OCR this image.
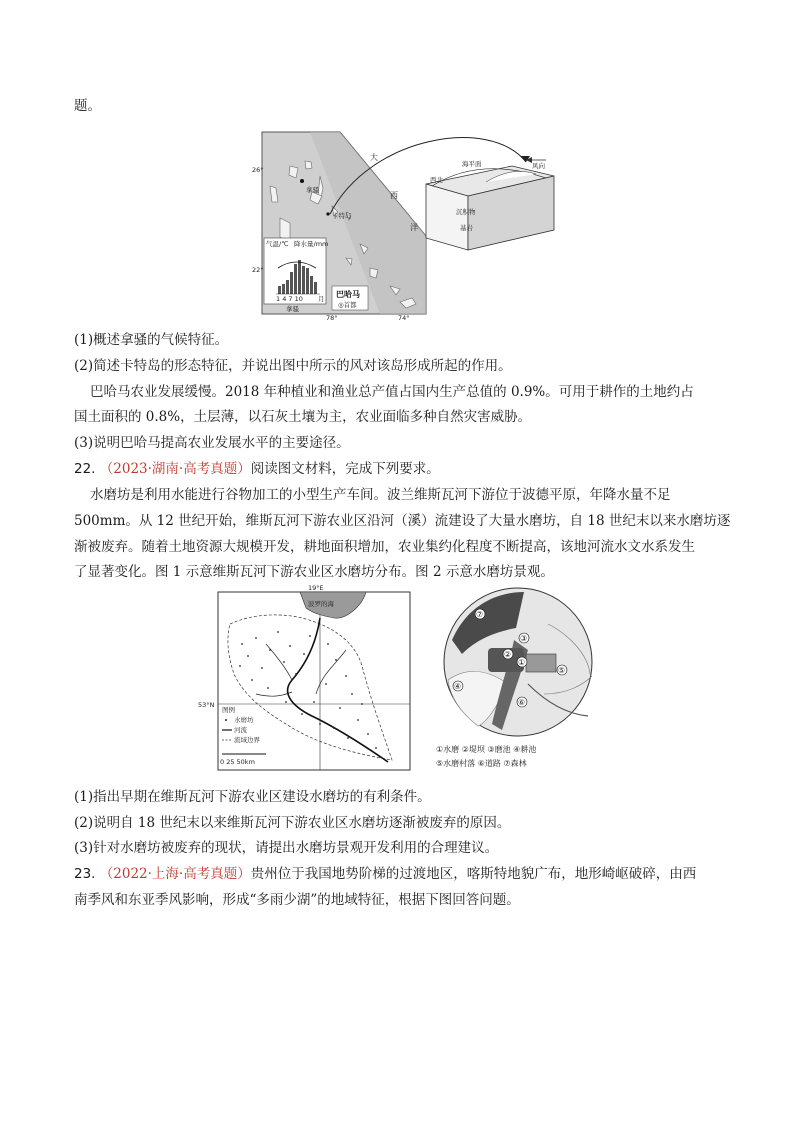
题。
大
西
洋
拿骚
卡特岛
26°
22°
78°	74°
气温/℃ 降水量/mm
1 4 7 10 月
拿骚
巴哈马
◎首都
海平面
西北
风向
沉积物
基岩
(1)概述拿骚的气候特征。
(2)简述卡特岛的形态特征，并说出图中所示的风对该岛形成所起的作用。
巴哈马农业发展缓慢。2018 年种植业和渔业总产值占国内生产总值的 0.9%。可用于耕作的土地约占
国土面积的 0.8%，土层薄，以石灰土壤为主，农业面临多种自然灾害威胁。
(3)说明巴哈马提高农业发展水平的主要途径。
22. （2023·湖南·高考真题）阅读图文材料，完成下列要求。
水磨坊是利用水能进行谷物加工的小型生产车间。波兰维斯瓦河下游位于波德平原，年降水量不足
500mm。从 12 世纪开始，维斯瓦河下游农业区沿河（溪）流建设了大量水磨坊，自 18 世纪末以来水磨坊逐
渐被废弃。随着土地资源大规模开发，耕地面积增加，农业集约化程度不断提高，该地河流水文水系发生
了显著变化。图 1 示意维斯瓦河下游农业区水磨坊分布。图 2 示意水磨坊景观。
19°E
53°N
波罗的海
图例
水磨坊
河流
流域边界
0 25 50km
①
②
③
④
⑤
⑥
⑦
①水磨 ②堤坝 ③磨池 ④耕池
⑤水磨村落 ⑥道路 ⑦森林
(1)指出早期在维斯瓦河下游农业区建设水磨坊的有利条件。
(2)说明自 18 世纪末以来维斯瓦河下游农业区水磨坊逐渐被废弃的原因。
(3)针对水磨坊被废弃的现状，请提出水磨坊景观开发利用的合理建议。
23. （2022·上海·高考真题）贵州位于我国地势阶梯的过渡地区，喀斯特地貌广布，地形崎岖破碎，由西
南季风和东亚季风影响，形成“多雨少湖”的地域特征，根据下图回答问题。
